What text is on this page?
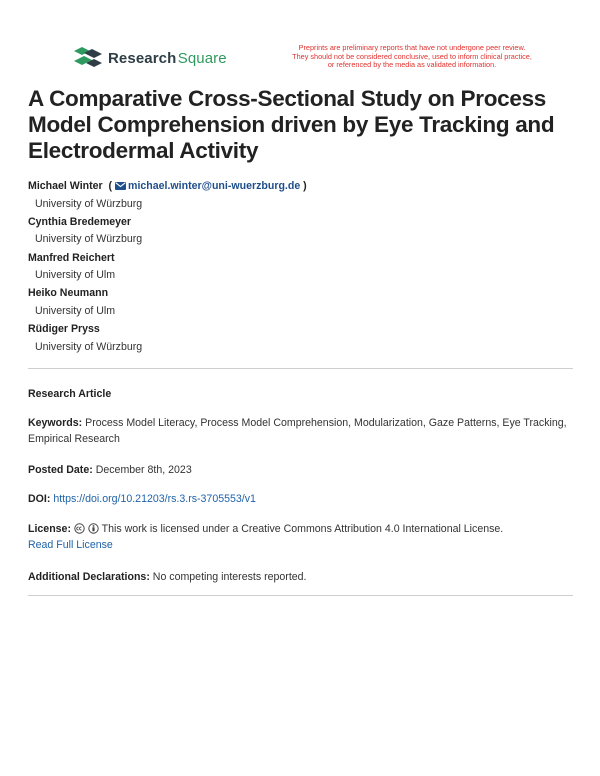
Research Square
Preprints are preliminary reports that have not undergone peer review.
They should not be considered conclusive, used to inform clinical practice,
or referenced by the media as validated information.
A Comparative Cross-Sectional Study on Process Model Comprehension driven by Eye Tracking and Electrodermal Activity
Michael Winter  ( michael.winter@uni-wuerzburg.de )
University of Würzburg
Cynthia Bredemeyer
University of Würzburg
Manfred Reichert
University of Ulm
Heiko Neumann
University of Ulm
Rüdiger Pryss
University of Würzburg
Research Article
Keywords: Process Model Literacy, Process Model Comprehension, Modularization, Gaze Patterns, Eye Tracking, Empirical Research
Posted Date: December 8th, 2023
DOI: https://doi.org/10.21203/rs.3.rs-3705553/v1
License:	This work is licensed under a Creative Commons Attribution 4.0 International License.
Read Full License
Additional Declarations: No competing interests reported.
